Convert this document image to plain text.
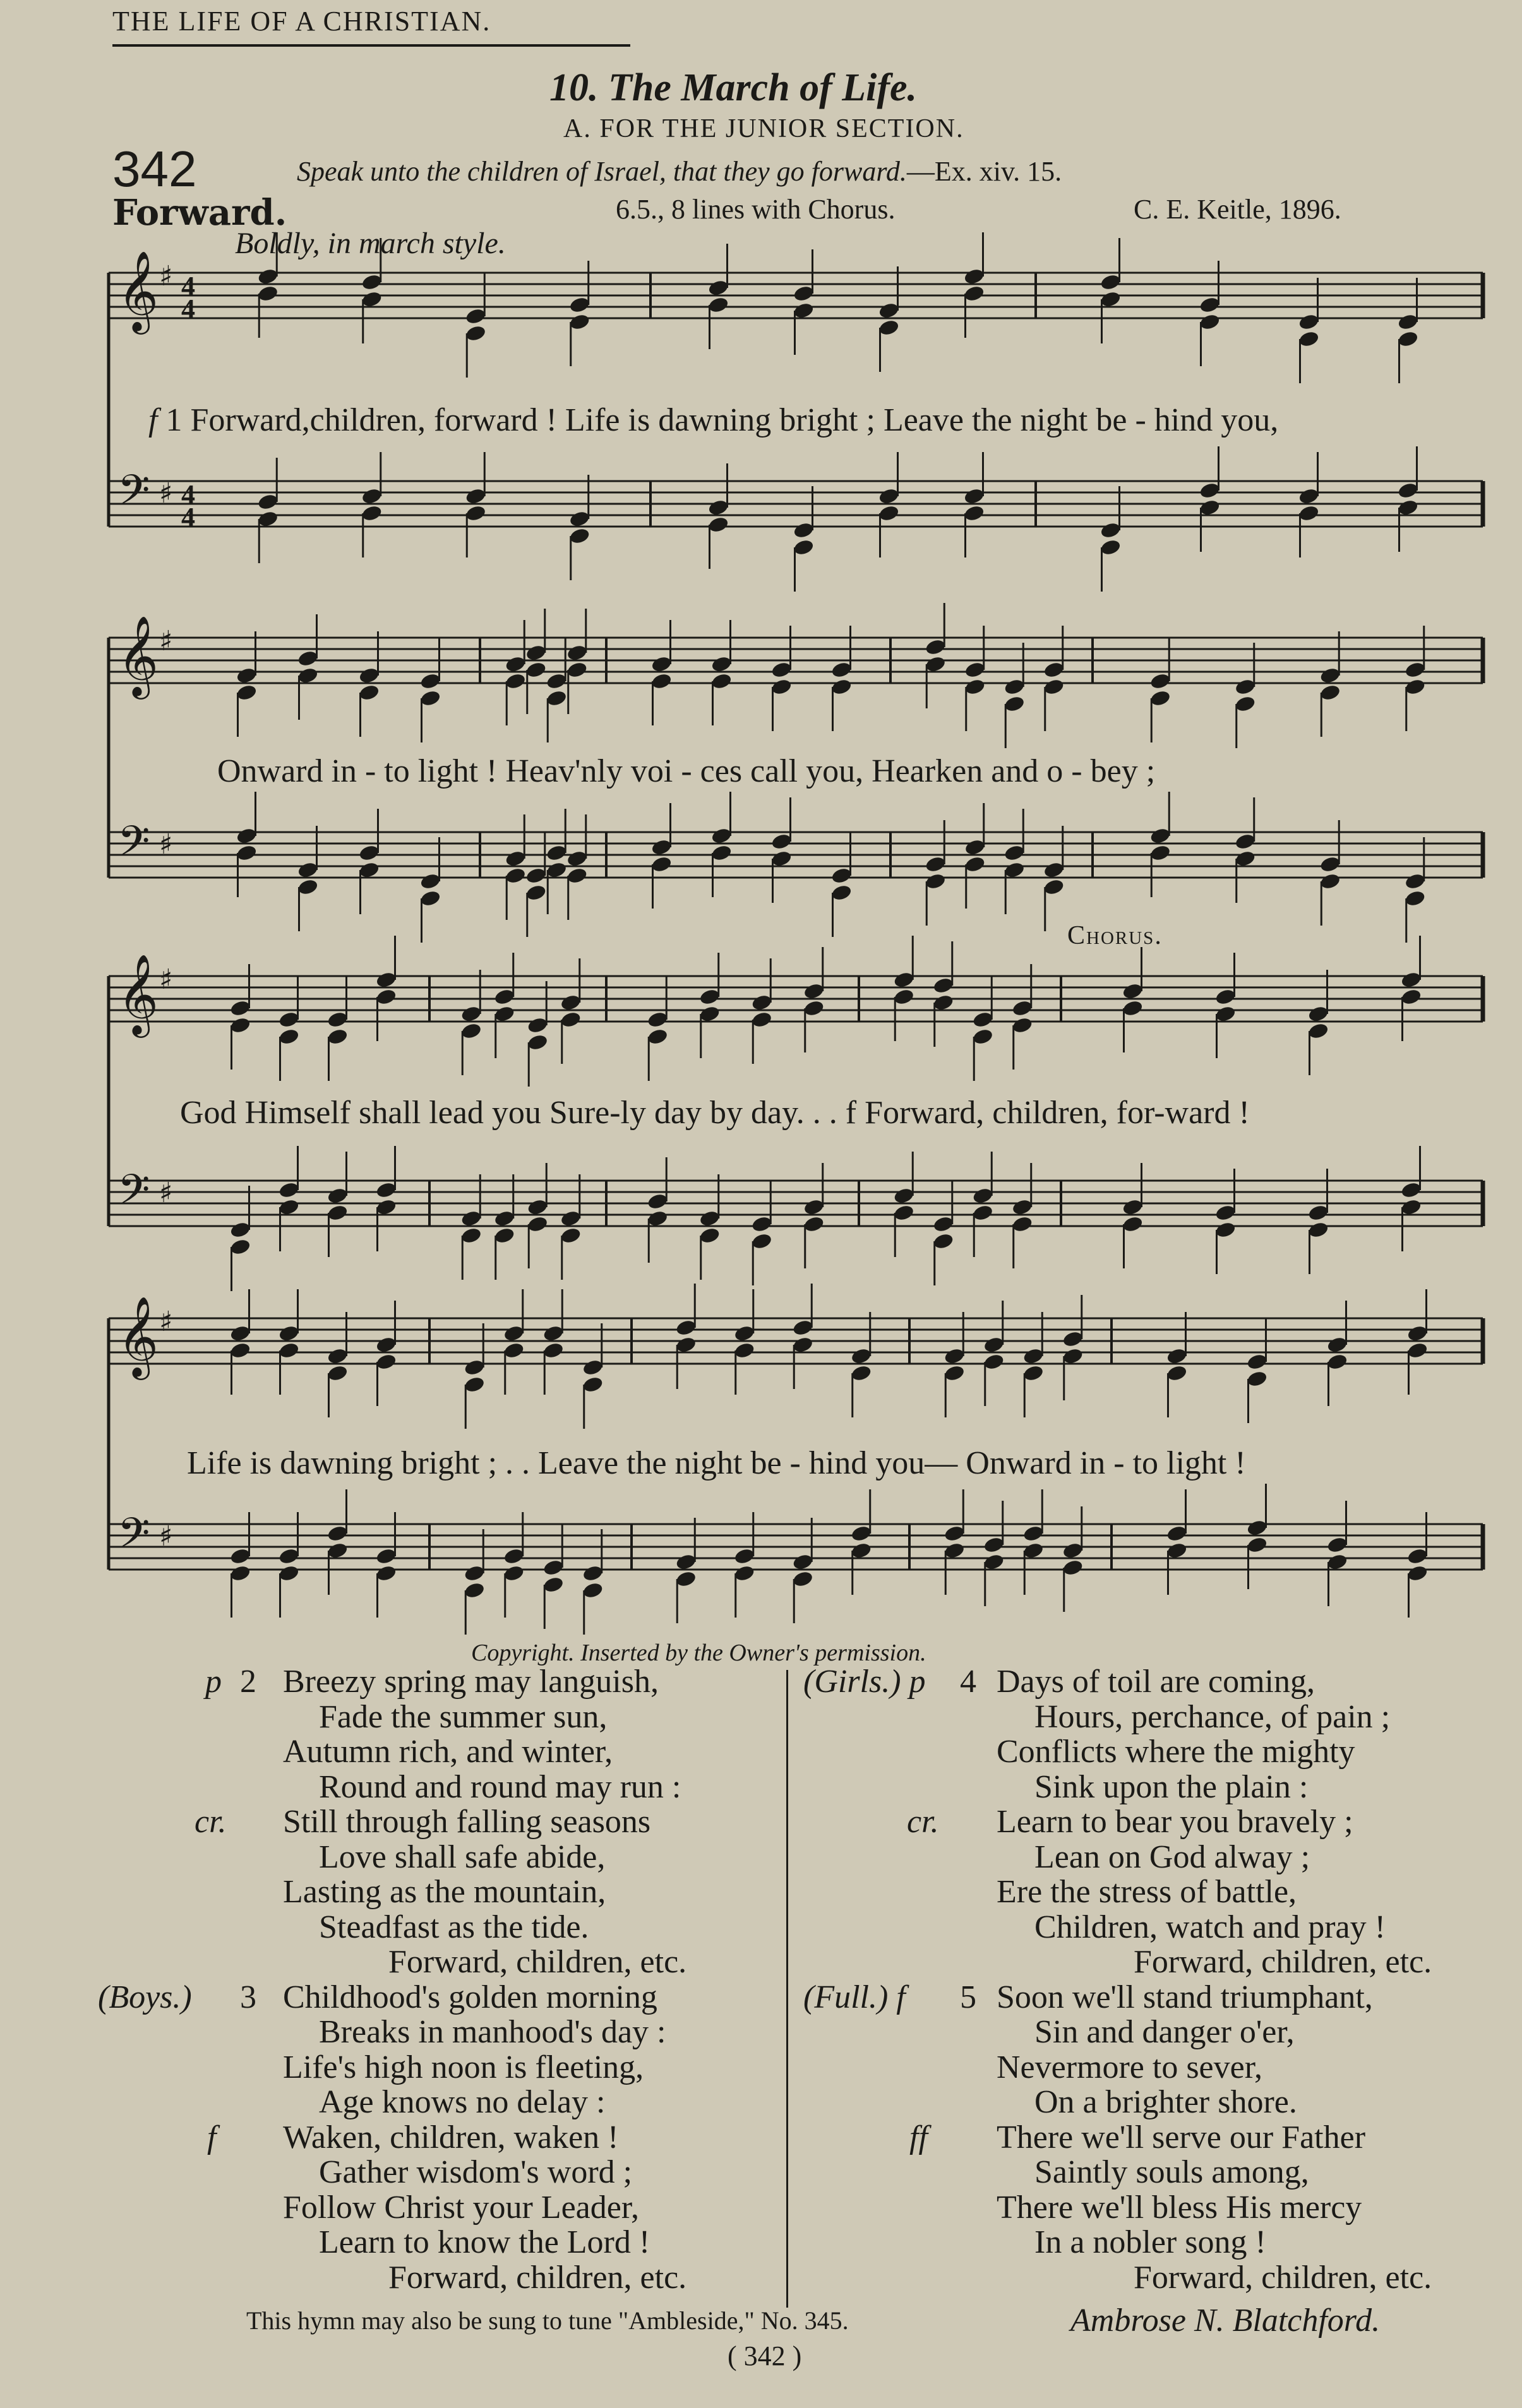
THE LIFE OF A CHRISTIAN.
10. The March of Life.
A. FOR THE JUNIOR SECTION.
342	Speak unto the children of Israel, that they go forward.—Ex. xiv. 15.
Forward.	6.5., 8 lines with Chorus.	C. E. Keitle, 1896.
Boldly, in march style.
𝄞 ♯
𝄢 ♯
𝄞 ♯
𝄢 ♯
𝄞 ♯
𝄢 ♯
𝄞 ♯
𝄢 ♯
4
4
4
4
Chorus.
f 1 Forward,children, forward ! Life is dawning bright ; Leave the night be - hind you,
Onward in - to light ! Heav'nly voi - ces call you, Hearken and o - bey ;
God Himself shall lead you Sure-ly day by day. . . f Forward, children, for-ward !
Life is dawning bright ; . . Leave the night be - hind you— Onward in - to light !
Copyright. Inserted by the Owner's permission.
p 2 Breezy spring may languish,
Fade the summer sun,
Autumn rich, and winter,
Round and round may run :
cr. Still through falling seasons
Love shall safe abide,
Lasting as the mountain,
Steadfast as the tide.
Forward, children, etc.
(Boys.) 3 Childhood's golden morning
Breaks in manhood's day :
Life's high noon is fleeting,
Age knows no delay :
f Waken, children, waken !
Gather wisdom's word ;
Follow Christ your Leader,
Learn to know the Lord !
Forward, children, etc.
(Girls.) p 4 Days of toil are coming,
Hours, perchance, of pain ;
Conflicts where the mighty
Sink upon the plain :
cr. Learn to bear you bravely ;
Lean on God alway ;
Ere the stress of battle,
Children, watch and pray !
Forward, children, etc.
(Full.) f 5 Soon we'll stand triumphant,
Sin and danger o'er,
Nevermore to sever,
On a brighter shore.
ff There we'll serve our Father
Saintly souls among,
There we'll bless His mercy
In a nobler song !
Forward, children, etc.
This hymn may also be sung to tune "Ambleside," No. 345.	Ambrose N. Blatchford.
( 342 )
